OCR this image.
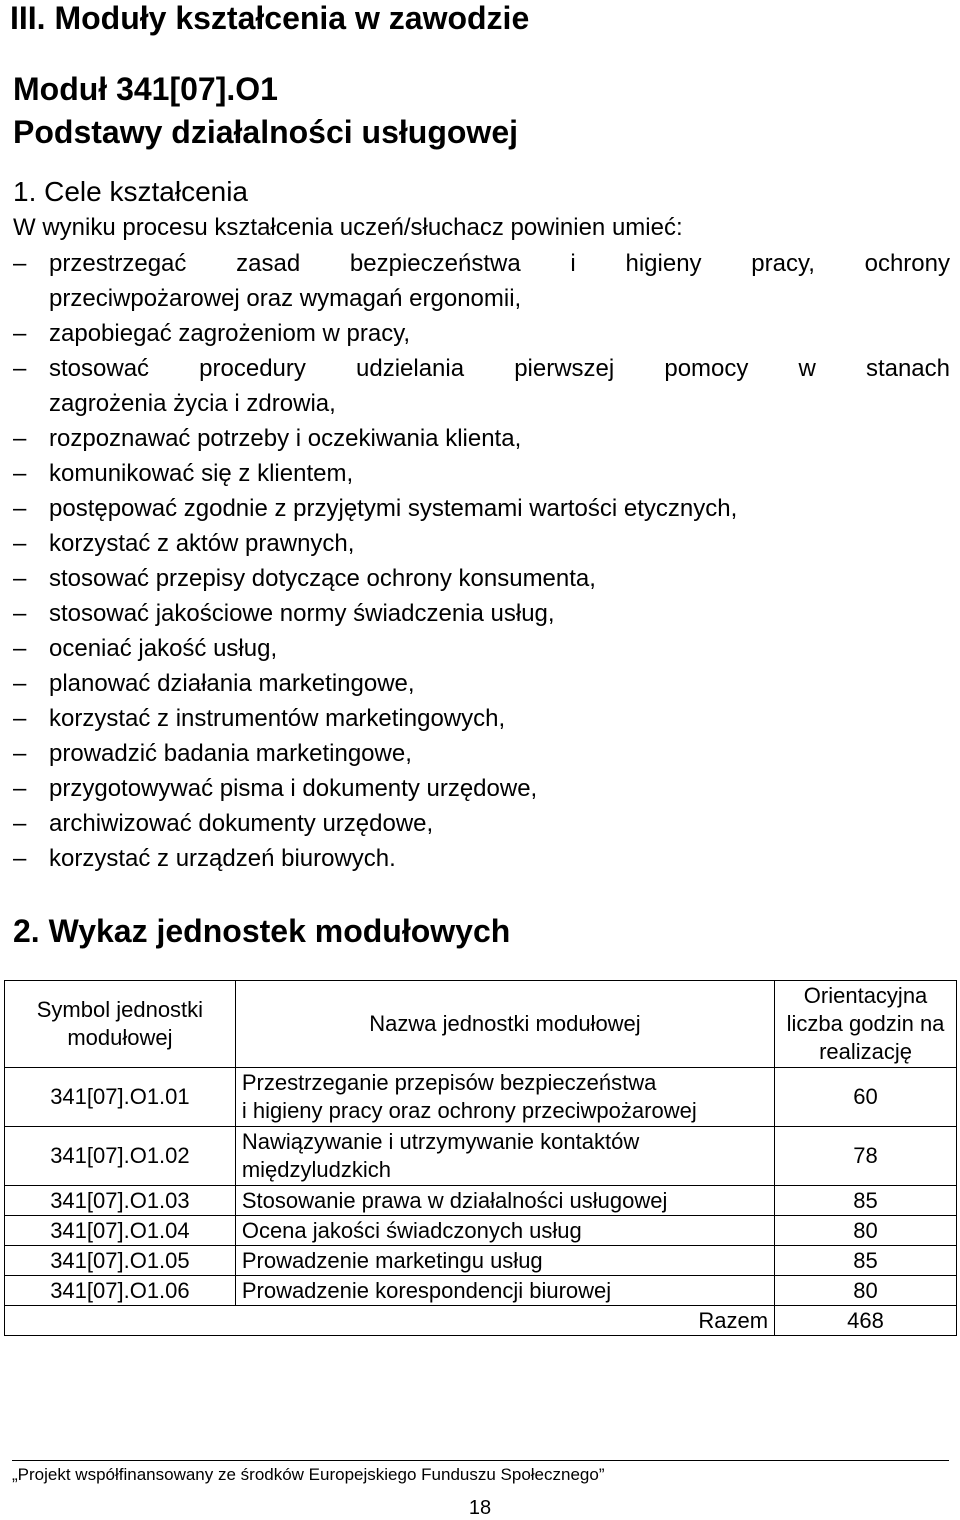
III. Moduły kształcenia w zawodzie
Moduł 341[07].O1
Podstawy działalności usługowej
1. Cele kształcenia
W wyniku procesu kształcenia uczeń/słuchacz powinien umieć:
– przestrzegać zasad bezpieczeństwa i higieny pracy, ochrony
przeciwpożarowej oraz wymagań ergonomii,
– zapobiegać zagrożeniom w pracy,
– stosować procedury udzielania pierwszej pomocy w stanach
zagrożenia życia i zdrowia,
– rozpoznawać potrzeby i oczekiwania klienta,
– komunikować się z klientem,
– postępować zgodnie z przyjętymi systemami wartości etycznych,
– korzystać z aktów prawnych,
– stosować przepisy dotyczące ochrony konsumenta,
– stosować jakościowe normy świadczenia usług,
– oceniać jakość usług,
– planować działania marketingowe,
– korzystać z instrumentów marketingowych,
– prowadzić badania marketingowe,
– przygotowywać pisma i dokumenty urzędowe,
– archiwizować dokumenty urzędowe,
– korzystać z urządzeń biurowych.
2. Wykaz jednostek modułowych
Symbol jednostki modułowej	Nazwa jednostki modułowej	Orientacyjna liczba godzin na realizację
341[07].O1.01	Przestrzeganie przepisów bezpieczeństwa
i higieny pracy oraz ochrony przeciwpożarowej	60
341[07].O1.02	Nawiązywanie i utrzymywanie kontaktów
międzyludzkich	78
341[07].O1.03	Stosowanie prawa w działalności usługowej	85
341[07].O1.04	Ocena jakości świadczonych usług	80
341[07].O1.05	Prowadzenie marketingu usług	85
341[07].O1.06	Prowadzenie korespondencji biurowej	80
Razem		468
„Projekt współfinansowany ze środków Europejskiego Funduszu Społecznego”
18
